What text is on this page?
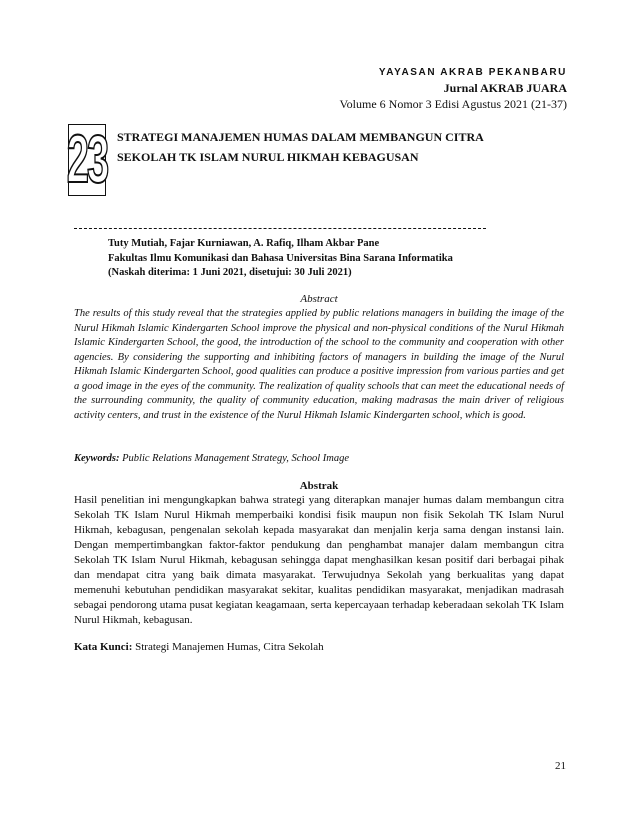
YAYASAN AKRAB PEKANBARU
Jurnal AKRAB JUARA
Volume 6 Nomor 3 Edisi Agustus 2021 (21-37)
23 STRATEGI MANAJEMEN HUMAS DALAM MEMBANGUN CITRA
SEKOLAH TK ISLAM NURUL HIKMAH KEBAGUSAN
Tuty Mutiah, Fajar Kurniawan, A. Rafiq, Ilham Akbar Pane
Fakultas Ilmu Komunikasi dan Bahasa Universitas Bina Sarana Informatika
(Naskah diterima: 1 Juni 2021, disetujui: 30 Juli 2021)
Abstract

The results of this study reveal that the strategies applied by public relations managers in building the image of the Nurul Hikmah Islamic Kindergarten School improve the physical and non-physical conditions of the Nurul Hikmah Islamic Kindergarten School, the good, the introduction of the school to the community and cooperation with other agencies. By considering the supporting and inhibiting factors of managers in building the image of the Nurul Hikmah Islamic Kindergarten School, good qualities can produce a positive impression from various parties and get a good image in the eyes of the community. The realization of quality schools that can meet the educational needs of the surrounding community, the quality of community education, making madrasas the main driver of religious activity centers, and trust in the existence of the Nurul Hikmah Islamic Kindergarten school, which is good.

Keywords: Public Relations Management Strategy, School Image
Abstrak

Hasil penelitian ini mengungkapkan bahwa strategi yang diterapkan manajer humas dalam membangun citra Sekolah TK Islam Nurul Hikmah memperbaiki kondisi fisik maupun non fisik Sekolah TK Islam Nurul Hikmah, kebagusan, pengenalan sekolah kepada masyarakat dan menjalin kerja sama dengan instansi lain. Dengan mempertimbangkan faktor-faktor pendukung dan penghambat manajer dalam membangun citra Sekolah TK Islam Nurul Hikmah, kebagusan sehingga dapat menghasilkan kesan positif dari berbagai pihak dan mendapat citra yang baik dimata masyarakat. Terwujudnya Sekolah yang berkualitas yang dapat memenuhi kebutuhan pendidikan masyarakat sekitar, kualitas pendidikan masyarakat, menjadikan madrasah sebagai pendorong utama pusat kegiatan keagamaan, serta kepercayaan terhadap keberadaan sekolah TK Islam Nurul Hikmah, kebagusan.

Kata Kunci: Strategi Manajemen Humas, Citra Sekolah
21
